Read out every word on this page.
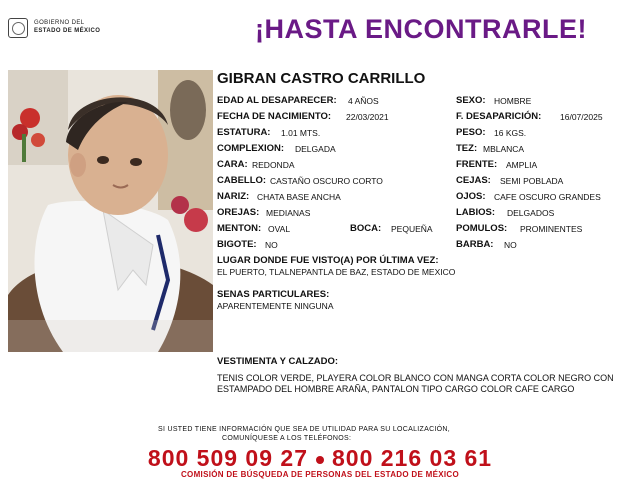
GOBIERNO DEL
ESTADO DE MÉXICO	¡HASTA ENCONTRARLE!
GIBRAN CASTRO CARRILLO
EDAD AL DESAPARECER: 4 AÑOS
FECHA DE NACIMIENTO: 22/03/2021
ESTATURA: 1.01 MTS.
COMPLEXION: DELGADA
CARA: REDONDA
CABELLO: CASTAÑO OSCURO CORTO
NARIZ: CHATA BASE ANCHA
OREJAS: MEDIANAS
MENTON: OVAL	BOCA: PEQUEÑA
BIGOTE: NO
SEXO: HOMBRE
F. DESAPARICIÓN: 16/07/2025
PESO: 16 KGS.
TEZ: MBLANCA
FRENTE: AMPLIA
CEJAS: SEMI POBLADA
OJOS: CAFE OSCURO GRANDES
LABIOS: DELGADOS
POMULOS: PROMINENTES
BARBA: NO
LUGAR DONDE FUE VISTO(A) POR ÚLTIMA VEZ:
EL PUERTO, TLALNEPANTLA DE BAZ, ESTADO DE MEXICO
SENAS PARTICULARES:
APARENTEMENTE NINGUNA
VESTIMENTA Y CALZADO:
TENIS COLOR VERDE, PLAYERA COLOR BLANCO CON MANGA CORTA COLOR NEGRO CON ESTAMPADO DEL HOMBRE ARAÑA, PANTALON TIPO CARGO COLOR CAFE CARGO
SI USTED TIENE INFORMACIÓN QUE SEA DE UTILIDAD PARA SU LOCALIZACIÓN,
COMUNÍQUESE A LOS TELÉFONOS:
800 509 09 27 800 216 03 61
COMISIÓN DE BÚSQUEDA DE PERSONAS DEL ESTADO DE MÉXICO
